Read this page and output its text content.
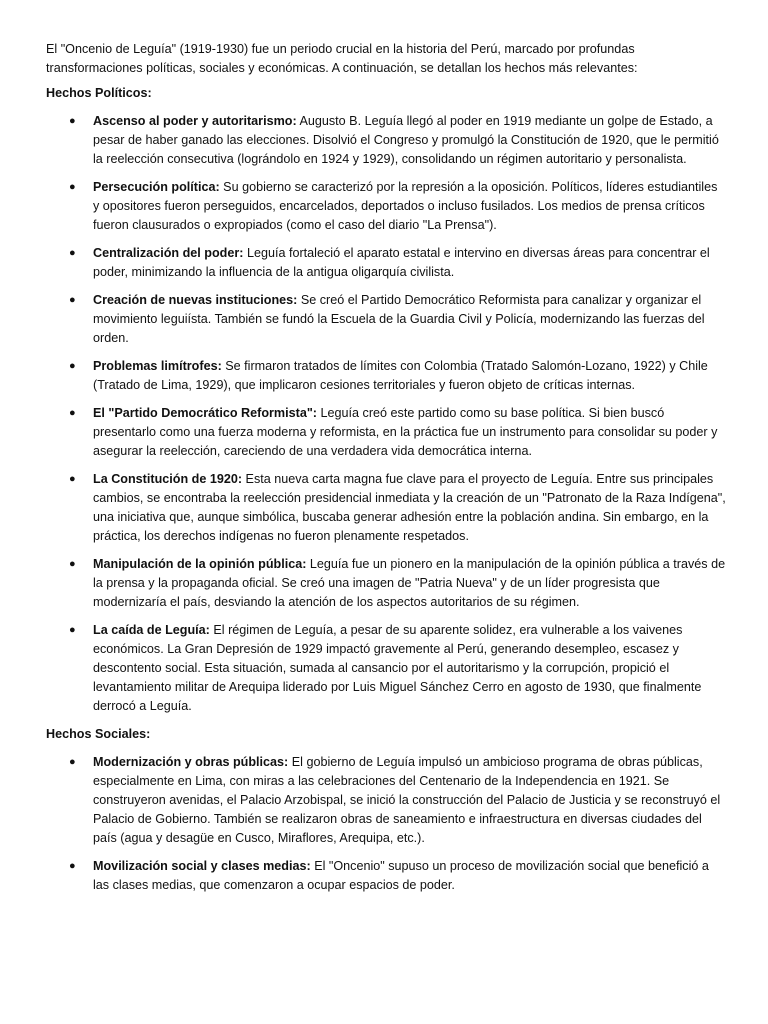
El "Oncenio de Leguía" (1919-1930) fue un periodo crucial en la historia del Perú, marcado por profundas transformaciones políticas, sociales y económicas. A continuación, se detallan los hechos más relevantes:

Hechos Políticos:

● Ascenso al poder y autoritarismo: Augusto B. Leguía llegó al poder en 1919 mediante un golpe de Estado, a pesar de haber ganado las elecciones. Disolvió el Congreso y promulgó la Constitución de 1920, que le permitió la reelección consecutiva (lográndolo en 1924 y 1929), consolidando un régimen autoritario y personalista.
● Persecución política: Su gobierno se caracterizó por la represión a la oposición. Políticos, líderes estudiantiles y opositores fueron perseguidos, encarcelados, deportados o incluso fusilados. Los medios de prensa críticos fueron clausurados o expropiados (como el caso del diario "La Prensa").
● Centralización del poder: Leguía fortaleció el aparato estatal e intervino en diversas áreas para concentrar el poder, minimizando la influencia de la antigua oligarquía civilista.
● Creación de nuevas instituciones: Se creó el Partido Democrático Reformista para canalizar y organizar el movimiento leguiísta. También se fundó la Escuela de la Guardia Civil y Policía, modernizando las fuerzas del orden.
● Problemas limítrofes: Se firmaron tratados de límites con Colombia (Tratado Salomón-Lozano, 1922) y Chile (Tratado de Lima, 1929), que implicaron cesiones territoriales y fueron objeto de críticas internas.
● El "Partido Democrático Reformista": Leguía creó este partido como su base política. Si bien buscó presentarlo como una fuerza moderna y reformista, en la práctica fue un instrumento para consolidar su poder y asegurar la reelección, careciendo de una verdadera vida democrática interna.
● La Constitución de 1920: Esta nueva carta magna fue clave para el proyecto de Leguía. Entre sus principales cambios, se encontraba la reelección presidencial inmediata y la creación de un "Patronato de la Raza Indígena", una iniciativa que, aunque simbólica, buscaba generar adhesión entre la población andina. Sin embargo, en la práctica, los derechos indígenas no fueron plenamente respetados.
● Manipulación de la opinión pública: Leguía fue un pionero en la manipulación de la opinión pública a través de la prensa y la propaganda oficial. Se creó una imagen de "Patria Nueva" y de un líder progresista que modernizaría el país, desviando la atención de los aspectos autoritarios de su régimen.
● La caída de Leguía: El régimen de Leguía, a pesar de su aparente solidez, era vulnerable a los vaivenes económicos. La Gran Depresión de 1929 impactó gravemente al Perú, generando desempleo, escasez y descontento social. Esta situación, sumada al cansancio por el autoritarismo y la corrupción, propició el levantamiento militar de Arequipa liderado por Luis Miguel Sánchez Cerro en agosto de 1930, que finalmente derrocó a Leguía.

Hechos Sociales:

● Modernización y obras públicas: El gobierno de Leguía impulsó un ambicioso programa de obras públicas, especialmente en Lima, con miras a las celebraciones del Centenario de la Independencia en 1921. Se construyeron avenidas, el Palacio Arzobispal, se inició la construcción del Palacio de Justicia y se reconstruyó el Palacio de Gobierno. También se realizaron obras de saneamiento e infraestructura en diversas ciudades del país (agua y desagüe en Cusco, Miraflores, Arequipa, etc.).
● Movilización social y clases medias: El "Oncenio" supuso un proceso de movilización social que benefició a las clases medias, que comenzaron a ocupar espacios de poder.
